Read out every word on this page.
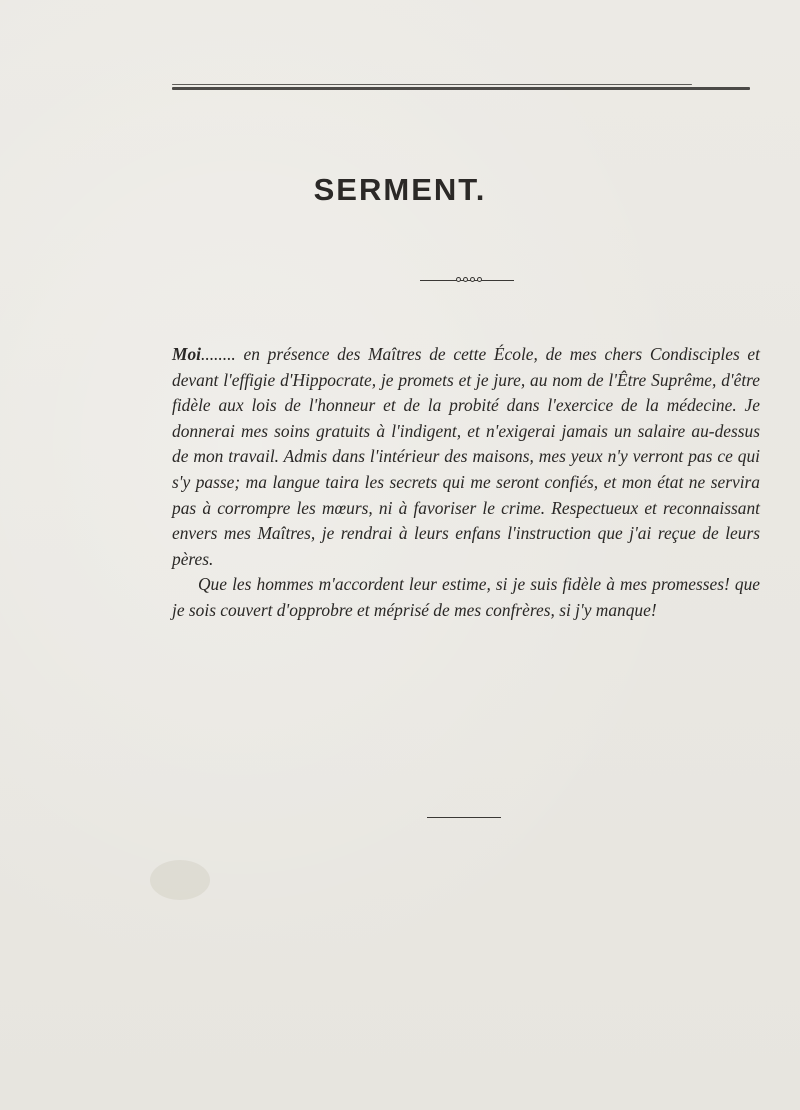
SERMENT.

Moi........ en présence des Maîtres de cette École, de mes chers Condisciples et devant l'effigie d'Hippocrate, je promets et je jure, au nom de l'Être Suprême, d'être fidèle aux lois de l'honneur et de la probité dans l'exercice de la médecine. Je donnerai mes soins gratuits à l'indigent, et n'exigerai jamais un salaire au-dessus de mon travail. Admis dans l'intérieur des maisons, mes yeux n'y verront pas ce qui s'y passe; ma langue taira les secrets qui me seront confiés, et mon état ne servira pas à corrompre les mœurs, ni à favoriser le crime. Respectueux et reconnaissant envers mes Maîtres, je rendrai à leurs enfans l'instruction que j'ai reçue de leurs pères.

Que les hommes m'accordent leur estime, si je suis fidèle à mes promesses! que je sois couvert d'opprobre et méprisé de mes confrères, si j'y manque!
